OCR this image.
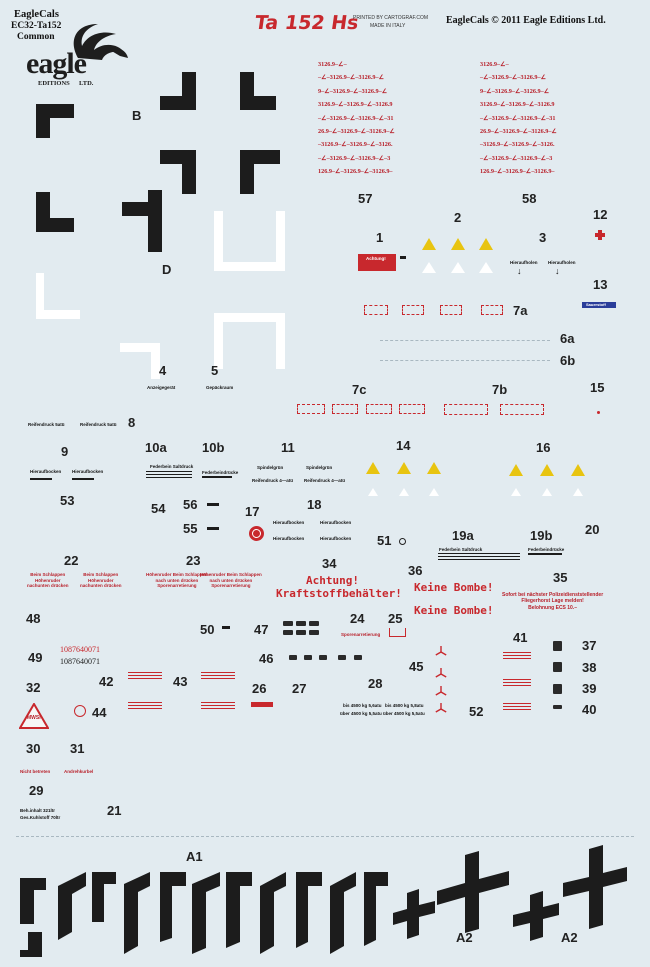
EagleCals
EC32-Ta152
Common
eagle
EDITIONS LTD.
Ta 152 Hs
PRINTED BY CARTOGRAF.COM
MADE IN ITALY	EagleCals © 2011 Eagle Editions Ltd.
B
D
3126.9–∠–
–∠–3126.9–∠–3126.9–∠
9–∠–3126.9–∠–3126.9–∠
3126.9–∠–3126.9–∠–3126.9
–∠–3126.9–∠–3126.9–∠–31
26.9–∠–3126.9–∠–3126.9–∠
–3126.9–∠–3126.9–∠–3126.
–∠–3126.9–∠–3126.9–∠–3
126.9–∠–3126.9–∠–3126.9–
3126.9–∠–
–∠–3126.9–∠–3126.9–∠
9–∠–3126.9–∠–3126.9–∠
3126.9–∠–3126.9–∠–3126.9
–∠–3126.9–∠–3126.9–∠–31
26.9–∠–3126.9–∠–3126.9–∠
–3126.9–∠–3126.9–∠–3126.
–∠–3126.9–∠–3126.9–∠–3
126.9–∠–3126.9–∠–3126.9–
57	58
1
2
3
12
13
Achtung!
Hieraufholen Hieraufholen
↓	↓
Sauerstoff
7a
6a
6b
4	5
Anzeigegerät	Gepäckraum	7c	7b	15
Reifendruck 5atü	Reifendruck 5atü 8
9
Hieraufbocken Hieraufbocken
10a	10b
Federbein Saltdruck
Federbeindrücke
11
Spindelgrün	Spindelgrün
Reifendruck 4—atü Reifendruck 4—atü
14	16
53
54 56
55
17	18
Hieraufbocken	Hieraufbocken
Hieraufbocken	Hieraufbocken 51	19a
Federbein Saltdruck
19b
Federbeindrücke
20
22
Beim Schlappen
Höhenruder
nachunten drücken
Beim Schlappen
Höhenruder
nachunten drücken
23
Höhenruder Beim Schlappen
nach unten drücken
Sporenarretierung
Höhenruder Beim Schlappen
nach unten drücken
Sporenarretierung
34
Achtung!
Kraftstoffbehälter!
36
Keine Bombe!
Keine Bombe!
35
Sofort bei nächster Polizeidienststellender
Fliegerhorst Lage melden!
Belohnung ECS 10.–
48
49
1087640071
1087640071
50	47
24
Sporenarretierung
25
46
41
37
38
39
40
32
MWSI
42	43
44
26 27	28
bis 4500 kg 5,6atu
über 4500 kg 5,5atu
bis 4500 kg 5,8atu
über 4500 kg 5,5atu
45
52
30 31
Nicht betreten	Andrehkurbel
29
Beh.inhalt 321ltr
Ges.Kuhlstoff 70ltr	21
A1
A2	A2
